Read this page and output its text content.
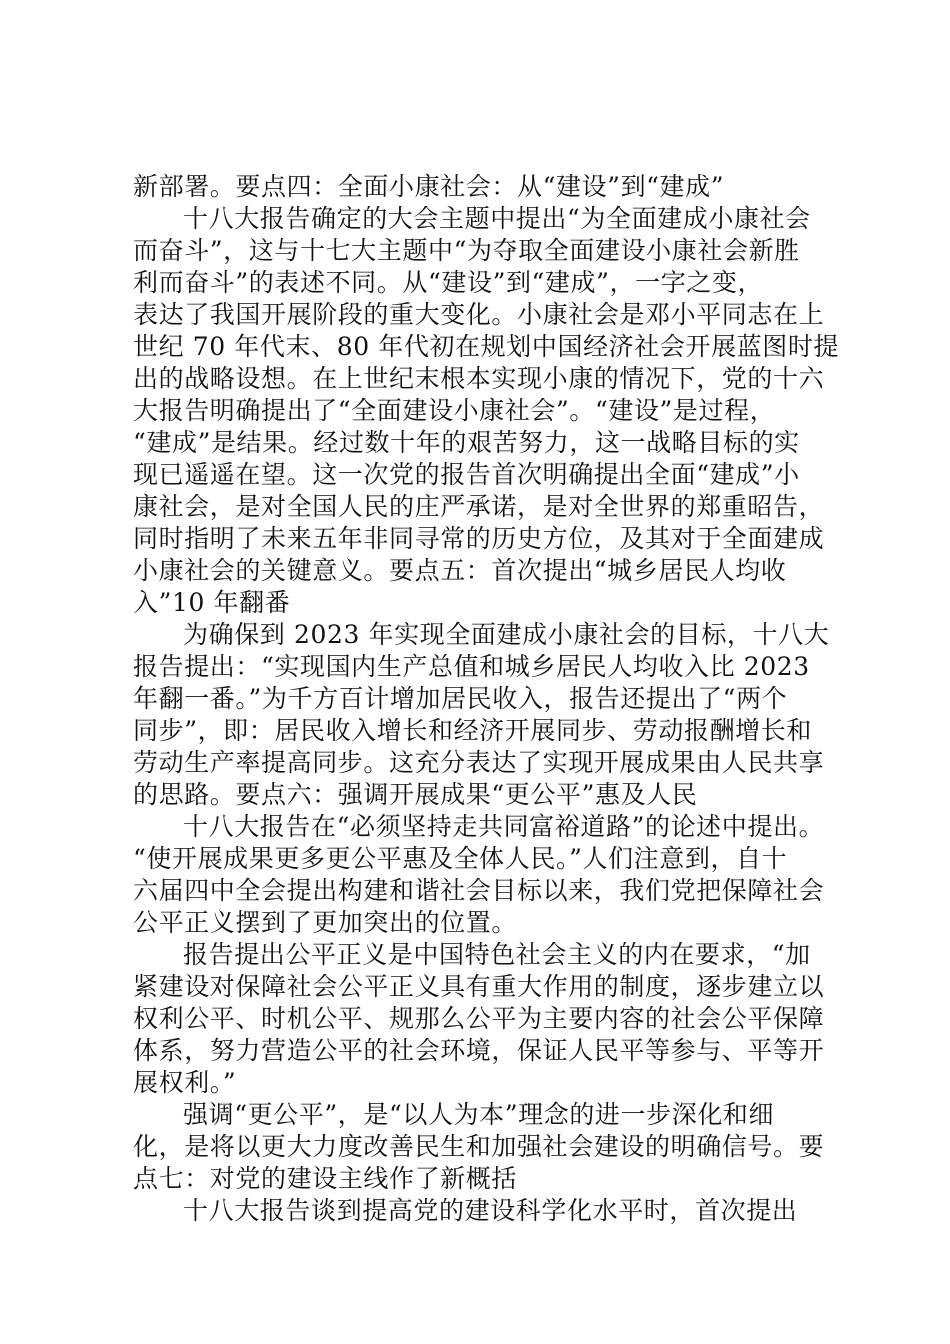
新部署。要点四：全面小康社会：从“建设”到“建成”
十八大报告确定的大会主题中提出“为全面建成小康社会
而奋斗”，这与十七大主题中“为夺取全面建设小康社会新胜
利而奋斗”的表述不同。从“建设”到“建成”，一字之变，
表达了我国开展阶段的重大变化。小康社会是邓小平同志在上
世纪 70 年代末、80 年代初在规划中国经济社会开展蓝图时提
出的战略设想。在上世纪末根本实现小康的情况下，党的十六
大报告明确提出了“全面建设小康社会”。“建设”是过程，
“建成”是结果。经过数十年的艰苦努力，这一战略目标的实
现已遥遥在望。这一次党的报告首次明确提出全面“建成”小
康社会，是对全国人民的庄严承诺，是对全世界的郑重昭告，
同时指明了未来五年非同寻常的历史方位，及其对于全面建成
小康社会的关键意义。要点五：首次提出“城乡居民人均收
入”10 年翻番
为确保到 2023 年实现全面建成小康社会的目标，十八大
报告提出：“实现国内生产总值和城乡居民人均收入比 2023
年翻一番。”为千方百计增加居民收入，报告还提出了“两个
同步”，即：居民收入增长和经济开展同步、劳动报酬增长和
劳动生产率提高同步。这充分表达了实现开展成果由人民共享
的思路。要点六：强调开展成果“更公平”惠及人民
十八大报告在“必须坚持走共同富裕道路”的论述中提出。
“使开展成果更多更公平惠及全体人民。”人们注意到，自十
六届四中全会提出构建和谐社会目标以来，我们党把保障社会
公平正义摆到了更加突出的位置。
报告提出公平正义是中国特色社会主义的内在要求，“加
紧建设对保障社会公平正义具有重大作用的制度，逐步建立以
权利公平、时机公平、规那么公平为主要内容的社会公平保障
体系，努力营造公平的社会环境，保证人民平等参与、平等开
展权利。”
强调“更公平”，是“以人为本”理念的进一步深化和细
化，是将以更大力度改善民生和加强社会建设的明确信号。要
点七：对党的建设主线作了新概括
十八大报告谈到提高党的建设科学化水平时，首次提出
